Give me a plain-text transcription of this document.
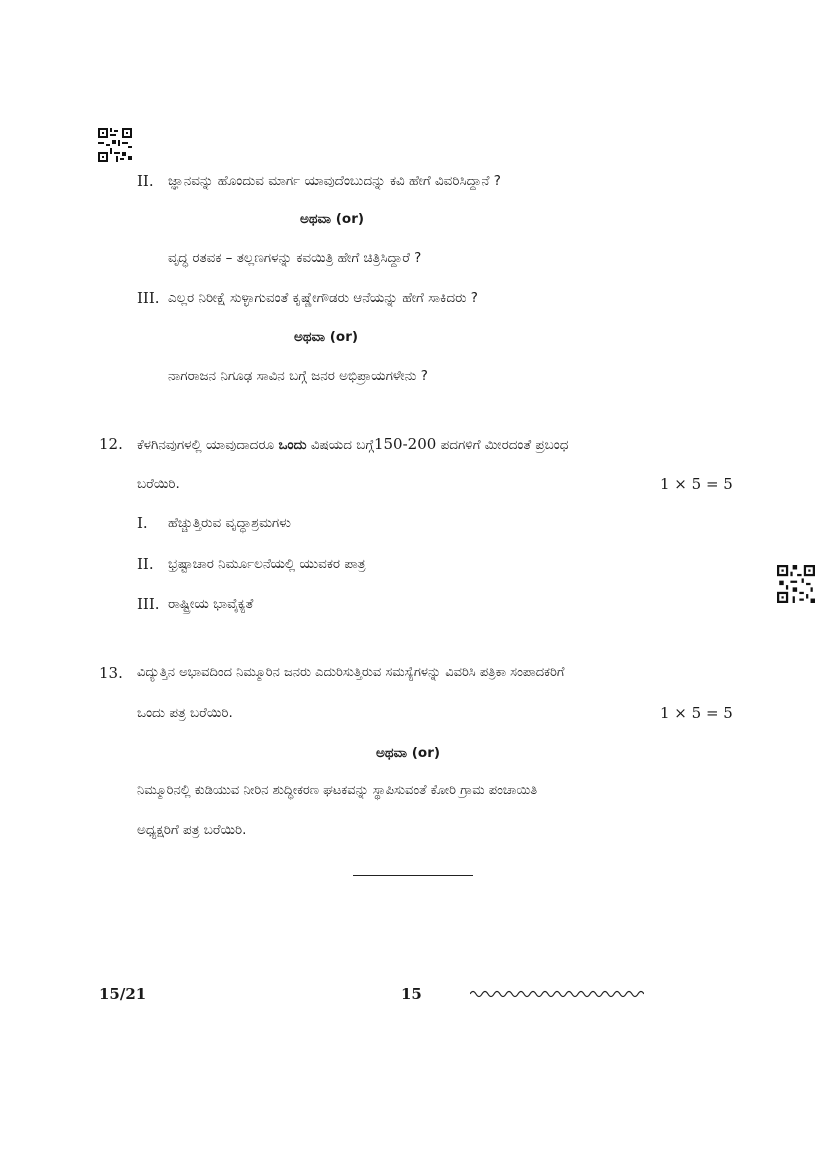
II. ಜ್ಞಾನವನ್ನು ಹೊಂದುವ ಮಾರ್ಗ ಯಾವುದೆಂಬುದನ್ನು ಕವಿ ಹೇಗೆ ವಿವರಿಸಿದ್ದಾನೆ ?
ಅಥವಾ (or)
ವೃದ್ಧ ರತವಕ – ತಲ್ಲಣಗಳನ್ನು ಕವಯಿತ್ರಿ ಹೇಗೆ ಚಿತ್ರಿಸಿದ್ದಾರೆ ?
III. ಎಲ್ಲರ ನಿರೀಕ್ಷೆ ಸುಳ್ಳಾಗುವಂತೆ ಕೃಷ್ಣೇಗೌಡರು ಆನೆಯನ್ನು ಹೇಗೆ ಸಾಕಿದರು ?
ಅಥವಾ (or)
ನಾಗರಾಜನ ನಿಗೂಢ ಸಾವಿನ ಬಗ್ಗೆ ಜನರ ಅಭಿಪ್ರಾಯಗಳೇನು ?
12. ಕೆಳಗಿನವುಗಳಲ್ಲಿ ಯಾವುದಾದರೂ ಒಂದು ವಿಷಯದ ಬಗ್ಗೆ150-200 ಪದಗಳಿಗೆ ಮೀರದಂತೆ ಪ್ರಬಂಧ
ಬರೆಯಿರಿ.	1 × 5 = 5
I. ಹೆಚ್ಚುತ್ತಿರುವ ವೃದ್ಧಾಶ್ರಮಗಳು
II. ಭ್ರಷ್ಟಾಚಾರ ನಿರ್ಮೂಲನೆಯಲ್ಲಿ ಯುವಕರ ಪಾತ್ರ
III. ರಾಷ್ಟ್ರೀಯ ಭಾವೈಕ್ಯತೆ
13. ವಿದ್ಯುತ್ತಿನ ಅಭಾವದಿಂದ ನಿಮ್ಮೂರಿನ ಜನರು ಎದುರಿಸುತ್ತಿರುವ ಸಮಸ್ಯೆಗಳನ್ನು ವಿವರಿಸಿ ಪತ್ರಿಕಾ ಸಂಪಾದಕರಿಗೆ
ಒಂದು ಪತ್ರ ಬರೆಯಿರಿ.	1 × 5 = 5
ಅಥವಾ (or)
ನಿಮ್ಮೂರಿನಲ್ಲಿ ಕುಡಿಯುವ ನೀರಿನ ಶುದ್ಧೀಕರಣ ಘಟಕವನ್ನು ಸ್ಥಾಪಿಸುವಂತೆ ಕೋರಿ ಗ್ರಾಮ ಪಂಚಾಯಿತಿ
ಅಧ್ಯಕ್ಷರಿಗೆ ಪತ್ರ ಬರೆಯಿರಿ.
15/21	15
